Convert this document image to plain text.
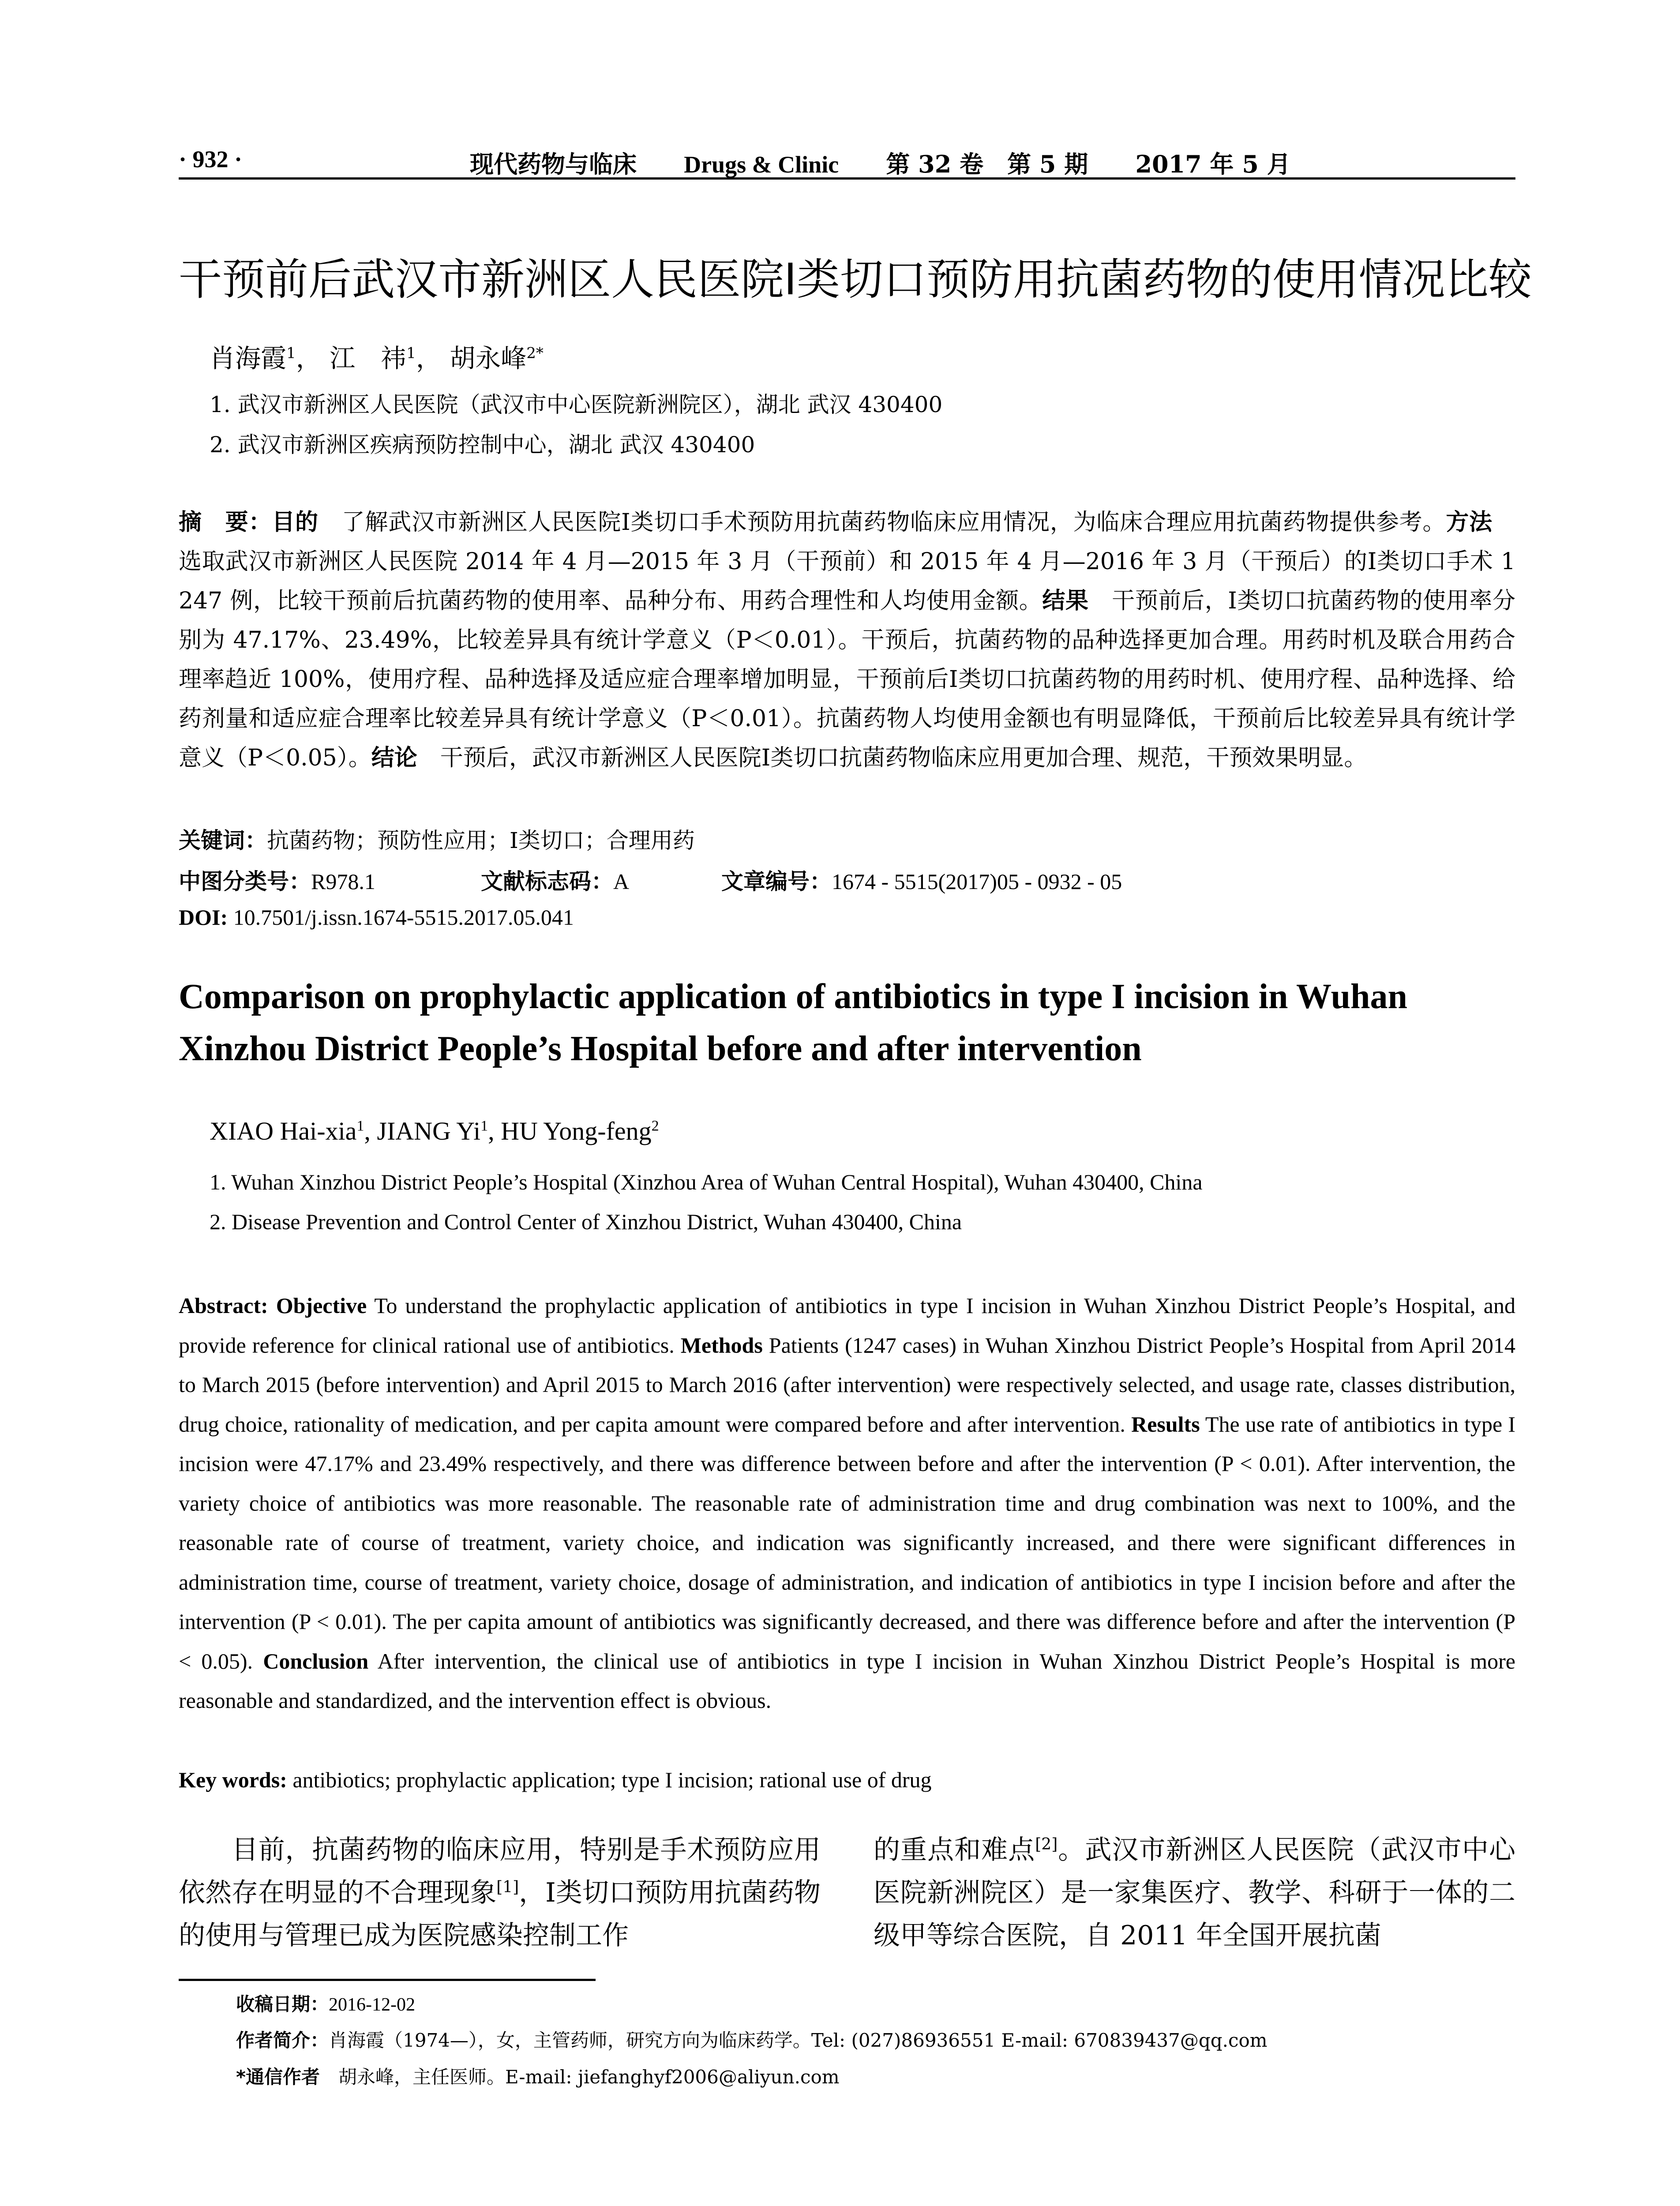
· 932 ·	现代药物与临床 Drugs & Clinic 第 32 卷　第 5 期 2017 年 5 月
干预前后武汉市新洲区人民医院Ⅰ类切口预防用抗菌药物的使用情况比较
肖海霞$^1$， 江　祎$^1$， 胡永峰$^{2*}$
1. 武汉市新洲区人民医院（武汉市中心医院新洲院区），湖北 武汉 430400
2. 武汉市新洲区疾病预防控制中心，湖北 武汉 430400
摘　要：目的　了解武汉市新洲区人民医院Ⅰ类切口手术预防用抗菌药物临床应用情况，为临床合理应用抗菌药物提供参考。方法　选取武汉市新洲区人民医院 2014 年 4 月—2015 年 3 月（干预前）和 2015 年 4 月—2016 年 3 月（干预后）的Ⅰ类切口手术 1 247 例，比较干预前后抗菌药物的使用率、品种分布、用药合理性和人均使用金额。结果　干预前后，Ⅰ类切口抗菌药物的使用率分别为 47.17%、23.49%，比较差异具有统计学意义（P＜0.01）。干预后，抗菌药物的品种选择更加合理。用药时机及联合用药合理率趋近 100%，使用疗程、品种选择及适应症合理率增加明显，干预前后Ⅰ类切口抗菌药物的用药时机、使用疗程、品种选择、给药剂量和适应症合理率比较差异具有统计学意义（P＜0.01）。抗菌药物人均使用金额也有明显降低，干预前后比较差异具有统计学意义（P＜0.05）。结论　干预后，武汉市新洲区人民医院Ⅰ类切口抗菌药物临床应用更加合理、规范，干预效果明显。
关键词：抗菌药物；预防性应用；Ⅰ类切口；合理用药
中图分类号：R978.1	文献标志码：A	文章编号：1674 - 5515(2017)05 - 0932 - 05
DOI: 10.7501/j.issn.1674-5515.2017.05.041
Comparison on prophylactic application of antibiotics in type I incision in Wuhan Xinzhou District People’s Hospital before and after intervention
XIAO Hai-xia$^1$, JIANG Yi$^1$, HU Yong-feng$^2$
1. Wuhan Xinzhou District People’s Hospital (Xinzhou Area of Wuhan Central Hospital), Wuhan 430400, China
2. Disease Prevention and Control Center of Xinzhou District, Wuhan 430400, China
Abstract: Objective To understand the prophylactic application of antibiotics in type I incision in Wuhan Xinzhou District People’s Hospital, and provide reference for clinical rational use of antibiotics. Methods Patients (1247 cases) in Wuhan Xinzhou District People’s Hospital from April 2014 to March 2015 (before intervention) and April 2015 to March 2016 (after intervention) were respectively selected, and usage rate, classes distribution, drug choice, rationality of medication, and per capita amount were compared before and after intervention. Results The use rate of antibiotics in type I incision were 47.17% and 23.49% respectively, and there was difference between before and after the intervention (P < 0.01). After intervention, the variety choice of antibiotics was more reasonable. The reasonable rate of administration time and drug combination was next to 100%, and the reasonable rate of course of treatment, variety choice, and indication was significantly increased, and there were significant differences in administration time, course of treatment, variety choice, dosage of administration, and indication of antibiotics in type I incision before and after the intervention (P < 0.01). The per capita amount of antibiotics was significantly decreased, and there was difference before and after the intervention (P < 0.05). Conclusion After intervention, the clinical use of antibiotics in type I incision in Wuhan Xinzhou District People’s Hospital is more reasonable and standardized, and the intervention effect is obvious.
Key words: antibiotics; prophylactic application; type I incision; rational use of drug
目前，抗菌药物的临床应用，特别是手术预防应用依然存在明显的不合理现象[1]，Ⅰ类切口预防用抗菌药物的使用与管理已成为医院感染控制工作
的重点和难点[2]。武汉市新洲区人民医院（武汉市中心医院新洲院区）是一家集医疗、教学、科研于一体的二级甲等综合医院，自 2011 年全国开展抗菌
收稿日期：2016-12-02
作者简介：肖海霞（1974—），女，主管药师，研究方向为临床药学。Tel: (027)86936551 E-mail: 670839437@qq.com
*通信作者　胡永峰，主任医师。E-mail: jiefanghyf2006@aliyun.com
